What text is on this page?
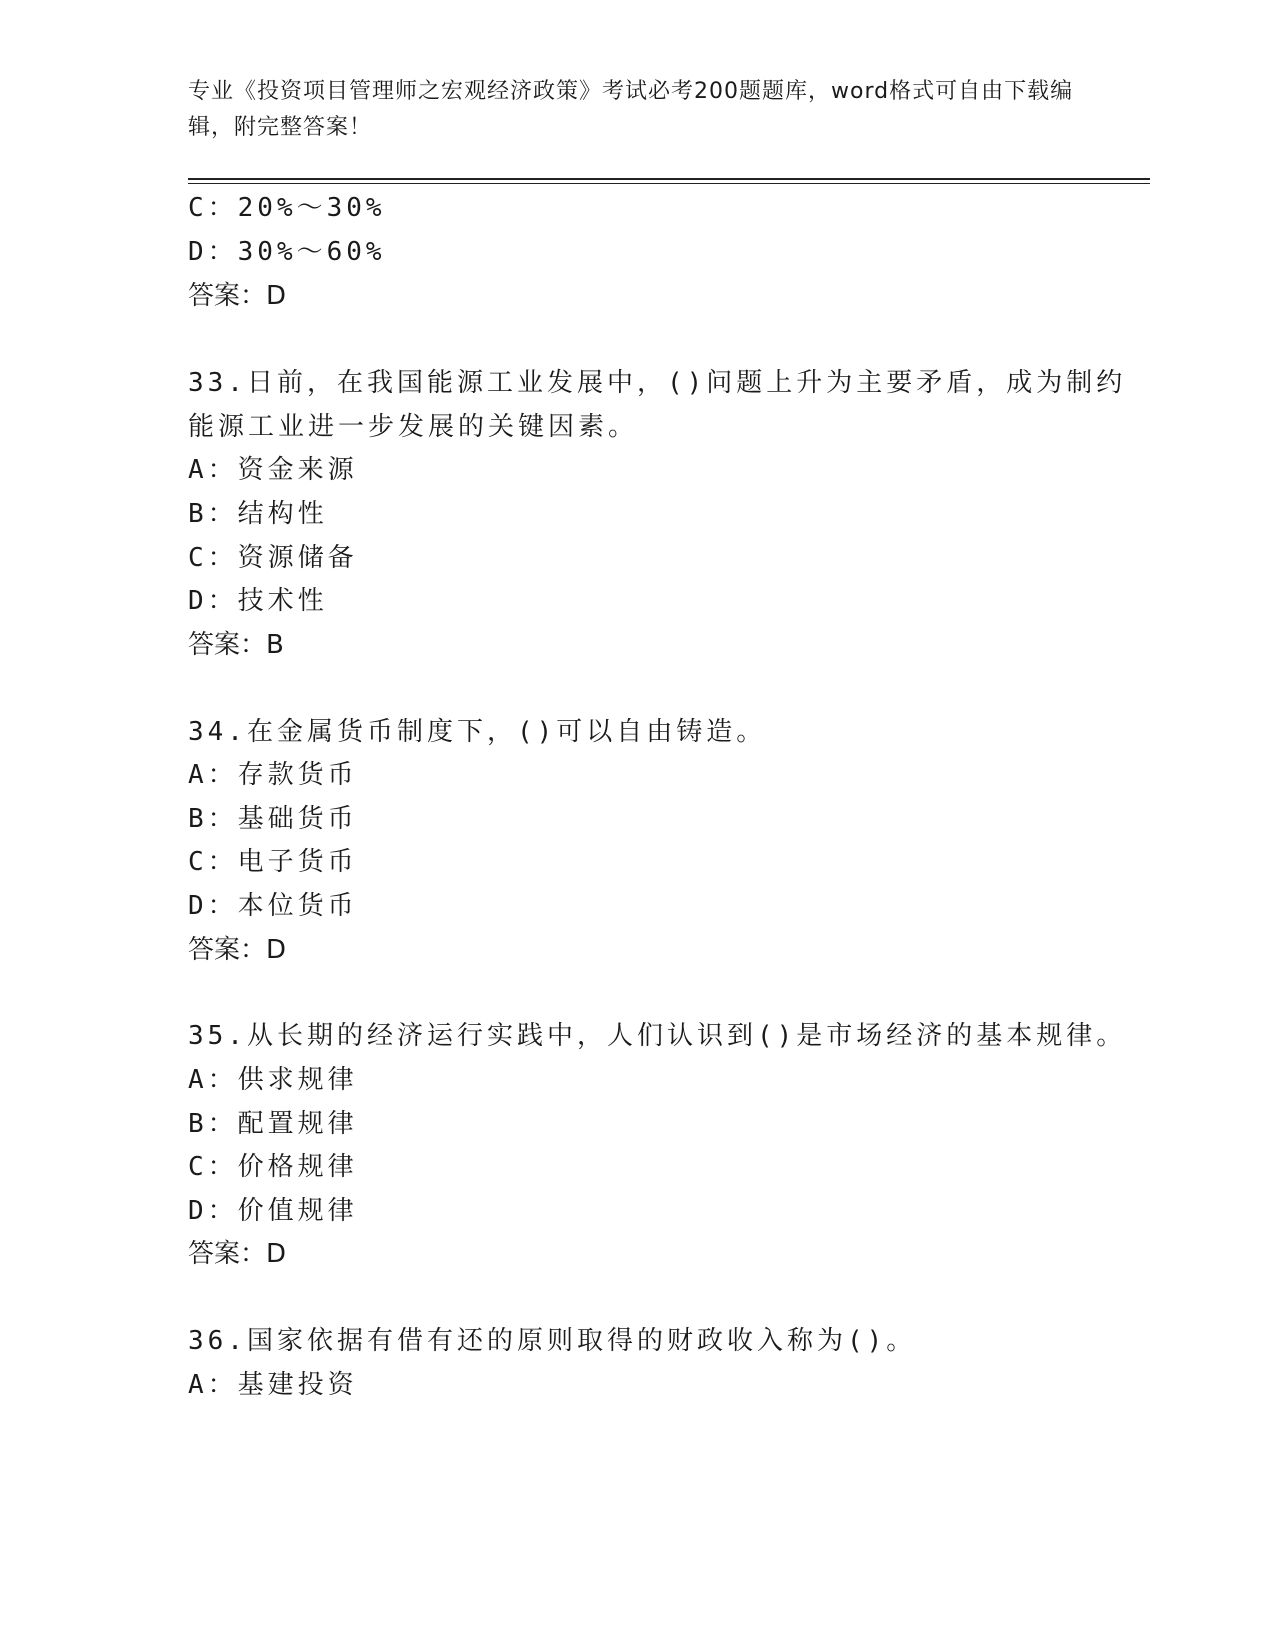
专业《投资项目管理师之宏观经济政策》考试必考200题题库，word格式可自由下载编辑，附完整答案！
C：20%～30%
D：30%～60%
答案：D
33.日前，在我国能源工业发展中，()问题上升为主要矛盾，成为制约
能源工业进一步发展的关键因素。
A：资金来源
B：结构性
C：资源储备
D：技术性
答案：B
34.在金属货币制度下，()可以自由铸造。
A：存款货币
B：基础货币
C：电子货币
D：本位货币
答案：D
35.从长期的经济运行实践中，人们认识到()是市场经济的基本规律。
A：供求规律
B：配置规律
C：价格规律
D：价值规律
答案：D
36.国家依据有借有还的原则取得的财政收入称为()。
A：基建投资
